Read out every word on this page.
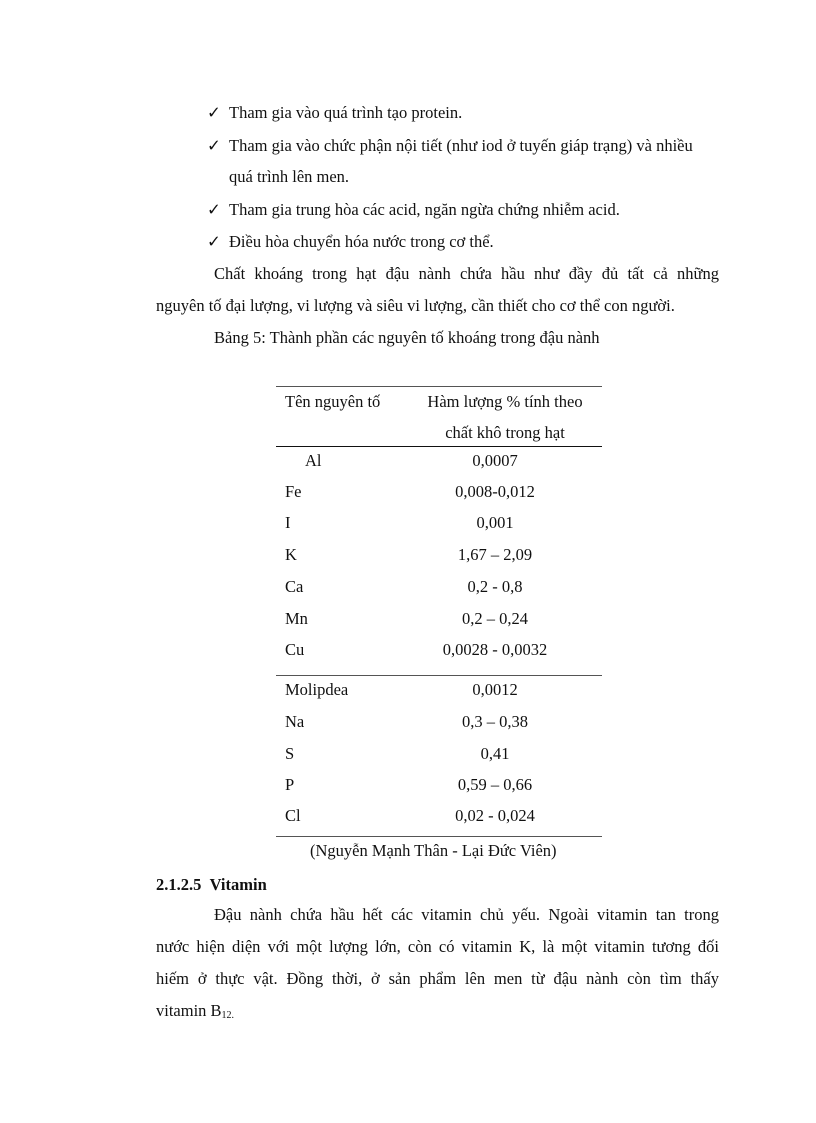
✓ Tham gia vào quá trình tạo protein.
✓ Tham gia vào chức phận nội tiết (như iod ở tuyến giáp trạng) và nhiều
quá trình lên men.
✓ Tham gia trung hòa các acid, ngăn ngừa chứng nhiễm acid.
✓ Điều hòa chuyển hóa nước trong cơ thể.
Chất khoáng trong hạt đậu nành chứa hầu như đầy đủ tất cả những
nguyên tố đại lượng, vi lượng và siêu vi lượng, cần thiết cho cơ thể con người.
Bảng 5: Thành phần các nguyên tố khoáng trong đậu nành
Tên nguyên tố	Hàm lượng % tính theo
chất khô trong hạt
Al	0,0007
Fe	0,008-0,012
I	0,001
K	1,67 – 2,09
Ca	0,2 - 0,8
Mn	0,2 – 0,24
Cu	0,0028 - 0,0032
Molipdea	0,0012
Na	0,3 – 0,38
S	0,41
P	0,59 – 0,66
Cl	0,02 - 0,024
(Nguyễn Mạnh Thân - Lại Đức Viên)
2.1.2.5 Vitamin
Đậu nành chứa hầu hết các vitamin chủ yếu. Ngoài vitamin tan trong
nước hiện diện với một lượng lớn, còn có vitamin K, là một vitamin tương đối
hiếm ở thực vật. Đồng thời, ở sản phẩm lên men từ đậu nành còn tìm thấy
vitamin $B_{12.}$
